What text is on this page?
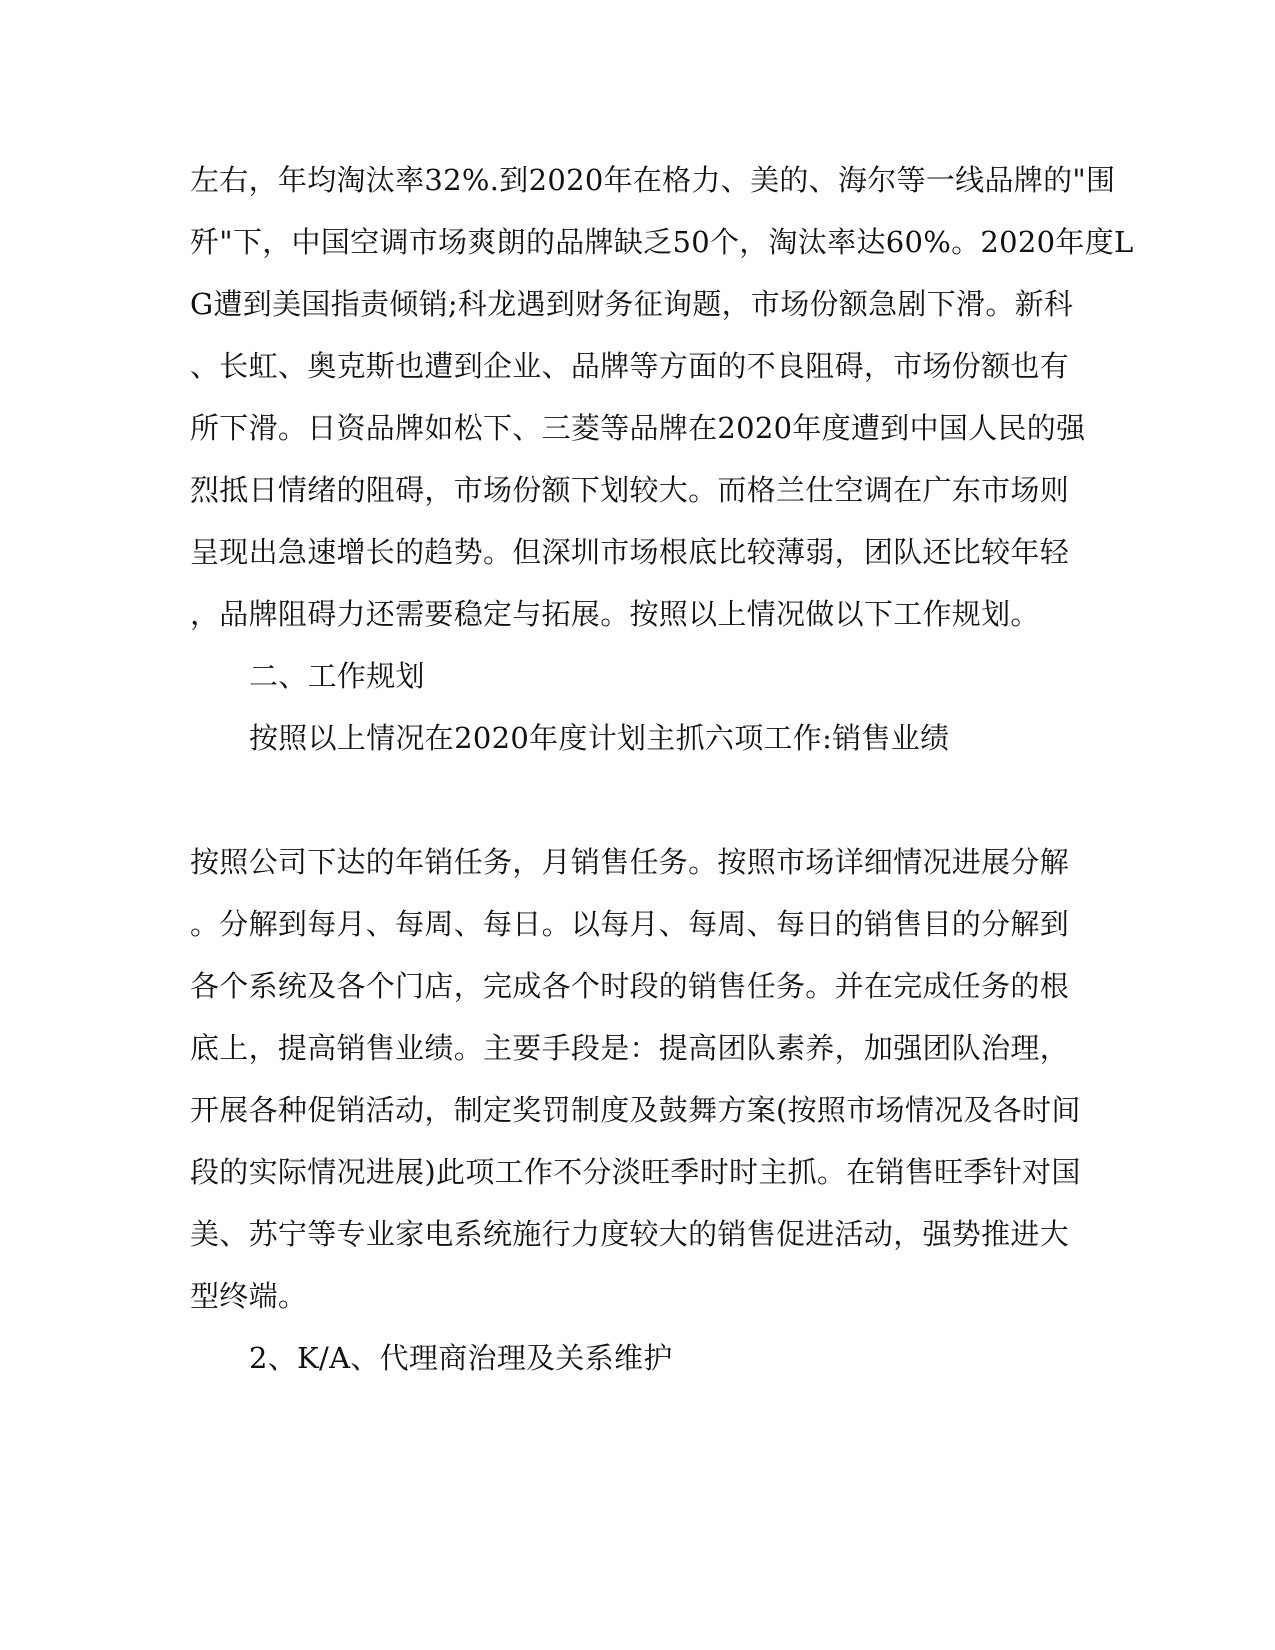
左右，年均淘汰率32%.到2020年在格力、美的、海尔等一线品牌的"围

歼"下，中国空调市场爽朗的品牌缺乏50个，淘汰率达60%。2020年度L

G遭到美国指责倾销;科龙遇到财务征询题，市场份额急剧下滑。新科

、长虹、奥克斯也遭到企业、品牌等方面的不良阻碍，市场份额也有

所下滑。日资品牌如松下、三菱等品牌在2020年度遭到中国人民的强

烈抵日情绪的阻碍，市场份额下划较大。而格兰仕空调在广东市场则

呈现出急速增长的趋势。但深圳市场根底比较薄弱，团队还比较年轻

，品牌阻碍力还需要稳定与拓展。按照以上情况做以下工作规划。

二、工作规划

按照以上情况在2020年度计划主抓六项工作:销售业绩

按照公司下达的年销任务，月销售任务。按照市场详细情况进展分解

。分解到每月、每周、每日。以每月、每周、每日的销售目的分解到

各个系统及各个门店，完成各个时段的销售任务。并在完成任务的根

底上，提高销售业绩。主要手段是：提高团队素养，加强团队治理，

开展各种促销活动，制定奖罚制度及鼓舞方案(按照市场情况及各时间

段的实际情况进展)此项工作不分淡旺季时时主抓。在销售旺季针对国

美、苏宁等专业家电系统施行力度较大的销售促进活动，强势推进大

型终端。

2、K/A、代理商治理及关系维护
